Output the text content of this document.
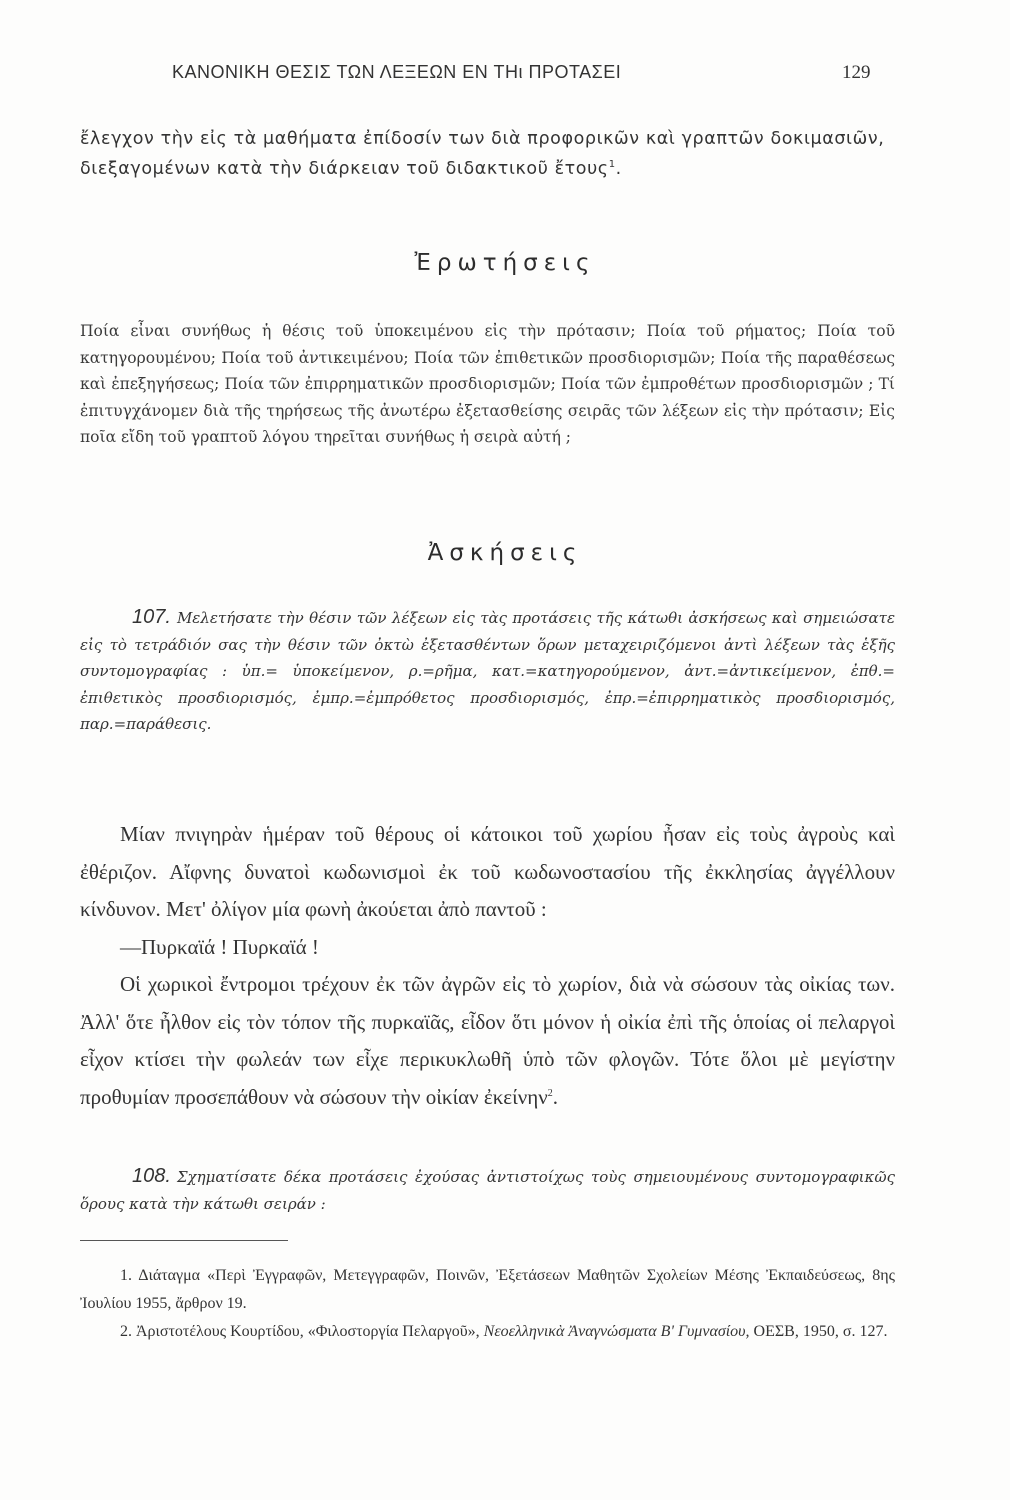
ΚΑΝΟΝΙΚΗ ΘΕΣΙΣ ΤΩΝ ΛΕΞΕΩΝ ΕΝ ΤΗι ΠΡΟΤΑΣΕΙ	129

ἔλεγχον τὴν εἰς τὰ μαθήματα ἐπίδοσίν των διὰ προφορικῶν καὶ γραπτῶν δοκιμασιῶν, διεξαγομένων κατὰ τὴν διάρκειαν τοῦ διδακτικοῦ ἔτους$^1$.

Ἐρωτήσεις

Ποία εἶναι συνήθως ἡ θέσις τοῦ ὑποκειμένου εἰς τὴν πρότασιν; Ποία τοῦ ρήματος; Ποία τοῦ κατηγορουμένου; Ποία τοῦ ἀντικειμένου; Ποία τῶν ἐπιθετικῶν προσδιορισμῶν; Ποία τῆς παραθέσεως καὶ ἐπεξηγήσεως; Ποία τῶν ἐπιρρηματικῶν προσδιορισμῶν; Ποία τῶν ἐμπροθέτων προσδιορισμῶν ; Τί ἐπιτυγχάνομεν διὰ τῆς τηρήσεως τῆς ἀνωτέρω ἐξετασθείσης σειρᾶς τῶν λέξεων εἰς τὴν πρότασιν; Εἰς ποῖα εἴδη τοῦ γραπτοῦ λόγου τηρεῖται συνήθως ἡ σειρὰ αὐτή ;

Ἀσκήσεις

107. Μελετήσατε τὴν θέσιν τῶν λέξεων εἰς τὰς προτάσεις τῆς κάτωθι ἀσκήσεως καὶ σημειώσατε εἰς τὸ τετράδιόν σας τὴν θέσιν τῶν ὀκτὼ ἐξετασθέντων ὅρων μεταχειριζόμενοι ἀντὶ λέξεων τὰς ἑξῆς συντομογραφίας : ὑπ.= ὑποκείμενον, ρ.=ρῆμα, κατ.=κατηγορούμενον, ἀντ.=ἀντικείμενον, ἐπθ.= ἐπιθετικὸς προσδιορισμός, ἐμπρ.=ἐμπρόθετος προσδιορισμός, ἐπρ.=ἐπιρρηματικὸς προσδιορισμός, παρ.=παράθεσις.

Μίαν πνιγηρὰν ἡμέραν τοῦ θέρους οἱ κάτοικοι τοῦ χωρίου ἦσαν εἰς τοὺς ἀγροὺς καὶ ἐθέριζον. Αἴφνης δυνατοὶ κωδωνισμοὶ ἐκ τοῦ κωδωνοστασίου τῆς ἐκκλησίας ἀγγέλλουν κίνδυνον. Μετ' ὀλίγον μία φωνὴ ἀκούεται ἀπὸ παντοῦ :

—Πυρκαϊά ! Πυρκαϊά !

Οἱ χωρικοὶ ἔντρομοι τρέχουν ἐκ τῶν ἀγρῶν εἰς τὸ χωρίον, διὰ νὰ σώσουν τὰς οἰκίας των. Ἀλλ' ὅτε ἦλθον εἰς τὸν τόπον τῆς πυρκαϊᾶς, εἶδον ὅτι μόνον ἡ οἰκία ἐπὶ τῆς ὁποίας οἱ πελαργοὶ εἶχον κτίσει τὴν φωλεάν των εἶχε περικυκλωθῆ ὑπὸ τῶν φλογῶν. Τότε ὅλοι μὲ μεγίστην προθυμίαν προσεπάθουν νὰ σώσουν τὴν οἰκίαν ἐκείνην$^2$.

108. Σχηματίσατε δέκα προτάσεις ἐχούσας ἀντιστοίχως τοὺς σημειουμένους συντομογραφικῶς ὅρους κατὰ τὴν κάτωθι σειράν :

1. Διάταγμα «Περὶ Ἐγγραφῶν, Μετεγγραφῶν, Ποινῶν, Ἐξετάσεων Μαθητῶν Σχολείων Μέσης Ἐκπαιδεύσεως, 8ης Ἰουλίου 1955, ἄρθρον 19.

2. Ἀριστοτέλους Κουρτίδου, «Φιλοστοργία Πελαργοῦ», Νεοελληνικὰ Ἀναγνώσματα Β' Γυμνασίου, ΟΕΣΒ, 1950, σ. 127.
